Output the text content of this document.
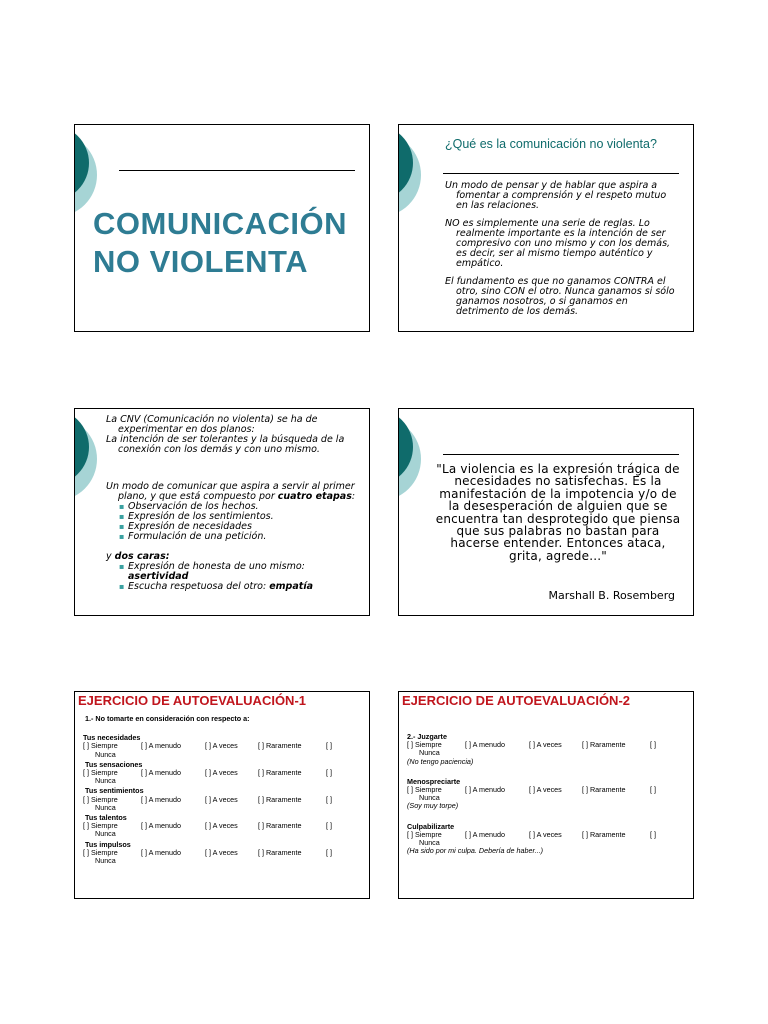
COMUNICACIÓN
NO VIOLENTA
¿Qué es la comunicación no violenta?

Un modo de pensar y de hablar que aspira a fomentar a comprensión y el respeto mutuo en las relaciones.

NO es simplemente una serie de reglas. Lo realmente importante es la intención de ser compresivo con uno mismo y con los demás, es decir, ser al mismo tiempo auténtico y empático.

El fundamento es que no ganamos CONTRA el otro, sino CON el otro. Nunca ganamos si sólo ganamos nosotros, o si ganamos en detrimento de los demás.

La CNV (Comunicación no violenta) se ha de experimentar en dos planos:

La intención de ser tolerantes y la búsqueda de la conexión con los demás y con uno mismo.

Un modo de comunicar que aspira a servir al primer plano, y que está compuesto por cuatro etapas:

▪ Observación de los hechos.
▪ Expresión de los sentimientos.
▪ Expresión de necesidades
▪ Formulación de una petición.

y dos caras:

▪ Expresión de honesta de uno mismo: asertividad
▪ Escucha respetuosa del otro: empatía
"La violencia es la expresión trágica de necesidades no satisfechas. Es la manifestación de la impotencia y/o de la desesperación de alguien que se encuentra tan desprotegido que piensa que sus palabras no bastan para hacerse entender. Entonces ataca, grita, agrede..."
Marshall B. Rosemberg
EJERCICIO DE AUTOEVALUACIÓN-1
1.- No tomarte en consideración con respecto a:
Tus necesidades
[ ] Siempre	[ ] A menudo	[ ] A veces	[ ] Raramente	[ ]
Nunca
Tus sensaciones
[ ] Siempre	[ ] A menudo	[ ] A veces	[ ] Raramente	[ ]
Nunca
Tus sentimientos
[ ] Siempre	[ ] A menudo	[ ] A veces	[ ] Raramente	[ ]
Nunca
Tus talentos
[ ] Siempre	[ ] A menudo	[ ] A veces	[ ] Raramente	[ ]
Nunca
Tus impulsos
[ ] Siempre	[ ] A menudo	[ ] A veces	[ ] Raramente	[ ]
Nunca
EJERCICIO DE AUTOEVALUACIÓN-2
2.- Juzgarte
[ ] Siempre	[ ] A menudo	[ ] A veces	[ ] Raramente	[ ]
Nunca
(No tengo paciencia)
Menospreciarte
[ ] Siempre	[ ] A menudo	[ ] A veces	[ ] Raramente	[ ]
Nunca
(Soy muy torpe)
Culpabilizarte
[ ] Siempre	[ ] A menudo	[ ] A veces	[ ] Raramente	[ ]
Nunca
(Ha sido por mi culpa. Debería de haber...)
